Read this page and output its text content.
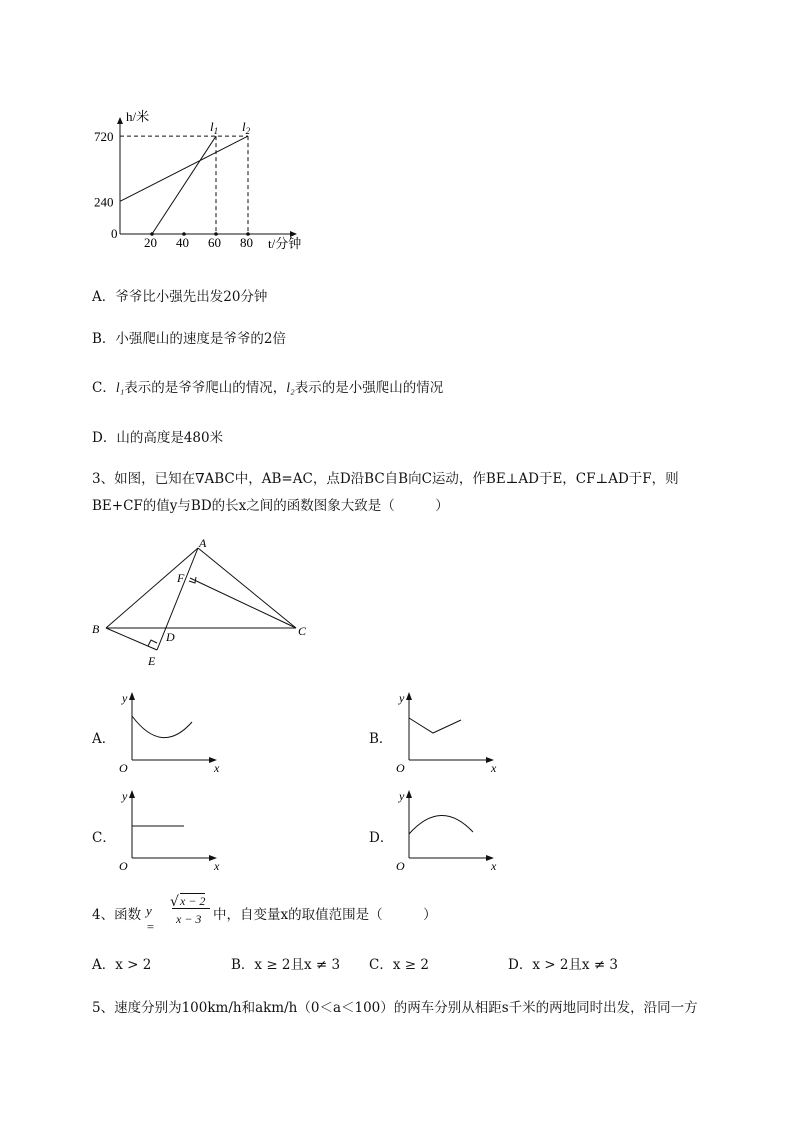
$l_1$ $l_2$
20 40 60 80
720
240
h/米
t/分钟
0
A．爷爷比小强先出发20分钟
B．小强爬山的速度是爷爷的2倍
C．l₁表示的是爷爷爬山的情况，l₂表示的是小强爬山的情况
D．山的高度是480米
3、如图，已知在∇ABC中，AB=AC，点D沿BC自B向C运动，作BE⊥AD于E，CF⊥AD于F，则
BE+CF的值y与BD的长x之间的函数图象大致是（　　　）
A
B	C
D
E
F
A．
y
x
O
B．
y
x
O
C．
y
x
O
D．
y
x
O
4、函数 y =
√ x − 2
x − 3 中，自变量x的取值范围是（　　　）
A．x > 2	B．x ≥ 2且x ≠ 3 C．x ≥ 2	D．x > 2且x ≠ 3
5、速度分别为100km/h和akm/h（0＜a＜100）的两车分别从相距s千米的两地同时出发，沿同一方
